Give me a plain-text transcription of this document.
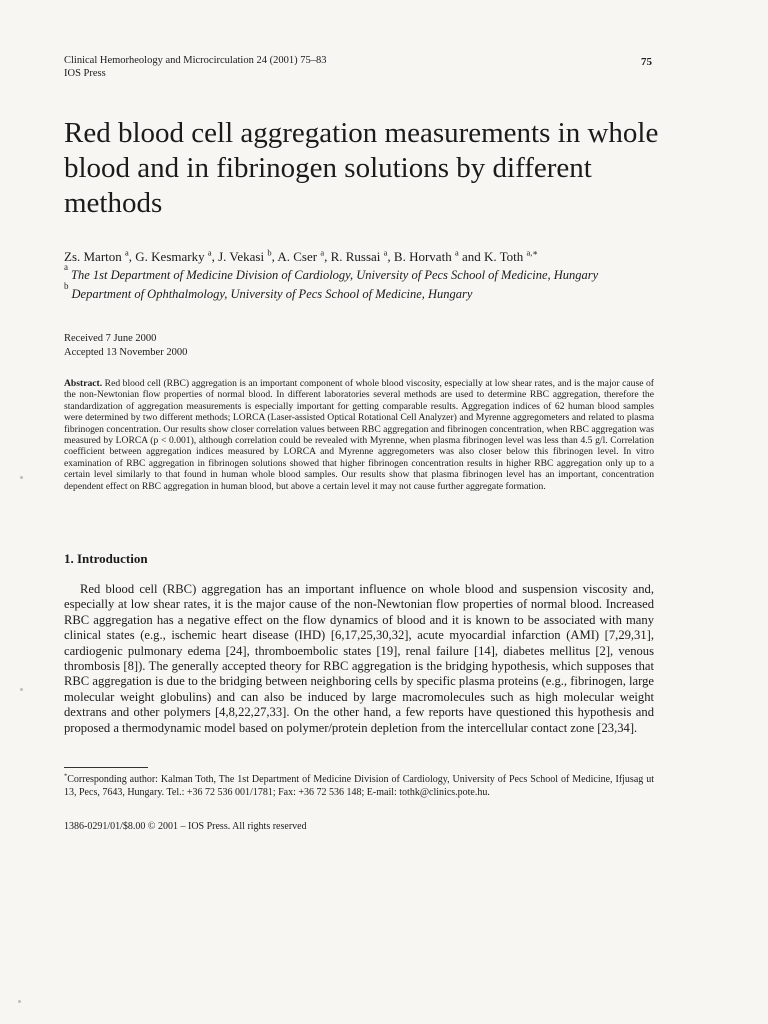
Clinical Hemorheology and Microcirculation 24 (2001) 75–83
IOS Press
75
Red blood cell aggregation measurements in whole blood and in fibrinogen solutions by different methods
Zs. Marton $^a$, G. Kesmarky $^a$, J. Vekasi $^b$, A. Cser $^a$, R. Russai $^a$, B. Horvath $^a$ and K. Toth $^{a,∗}$
a
The 1st Department of Medicine Division of Cardiology, University of Pecs School of Medicine, Hungary
b
Department of Ophthalmology, University of Pecs School of Medicine, Hungary
Received 7 June 2000
Accepted 13 November 2000

Abstract. Red blood cell (RBC) aggregation is an important component of whole blood viscosity, especially at low shear rates, and is the major cause of the non-Newtonian flow properties of normal blood. In different laboratories several methods are used to determine RBC aggregation, therefore the standardization of aggregation measurements is especially important for getting comparable results. Aggregation indices of 62 human blood samples were determined by two different methods; LORCA (Laser-assisted Optical Rotational Cell Analyzer) and Myrenne aggregometers and related to plasma fibrinogen concentration. Our results show closer correlation values between RBC aggregation and fibrinogen concentration, when RBC aggregation was measured by LORCA (p < 0.001), although correlation could be revealed with Myrenne, when plasma fibrinogen level was less than 4.5 g/l. Correlation coefficient between aggregation indices measured by LORCA and Myrenne aggregometers was also closer below this fibrinogen level. In vitro examination of RBC aggregation in fibrinogen solutions showed that higher fibrinogen concentration results in higher RBC aggregation only up to a certain level similarly to that found in human whole blood samples. Our results show that plasma fibrinogen level has an important, concentration dependent effect on RBC aggregation in human blood, but above a certain level it may not cause further aggregate formation.

1. Introduction

Red blood cell (RBC) aggregation has an important influence on whole blood and suspension viscosity and, especially at low shear rates, it is the major cause of the non-Newtonian flow properties of normal blood. Increased RBC aggregation has a negative effect on the flow dynamics of blood and it is known to be associated with many clinical states (e.g., ischemic heart disease (IHD) [6,17,25,30,32], acute myocardial infarction (AMI) [7,29,31], cardiogenic pulmonary edema [24], thromboembolic states [19], renal failure [14], diabetes mellitus [2], venous thrombosis [8]). The generally accepted theory for RBC aggregation is the bridging hypothesis, which supposes that RBC aggregation is due to the bridging between neighboring cells by specific plasma proteins (e.g., fibrinogen, large molecular weight globulins) and can also be induced by large macromolecules such as high molecular weight dextrans and other polymers [4,8,22,27,33]. On the other hand, a few reports have questioned this hypothesis and proposed a thermodynamic model based on polymer/protein depletion from the intercellular contact zone [23,34].

*Corresponding author: Kalman Toth, The 1st Department of Medicine Division of Cardiology, University of Pecs School of Medicine, Ifjusag ut 13, Pecs, 7643, Hungary. Tel.: +36 72 536 001/1781; Fax: +36 72 536 148; E-mail: tothk@clinics.pote.hu.

1386-0291/01/$8.00 © 2001 – IOS Press. All rights reserved
